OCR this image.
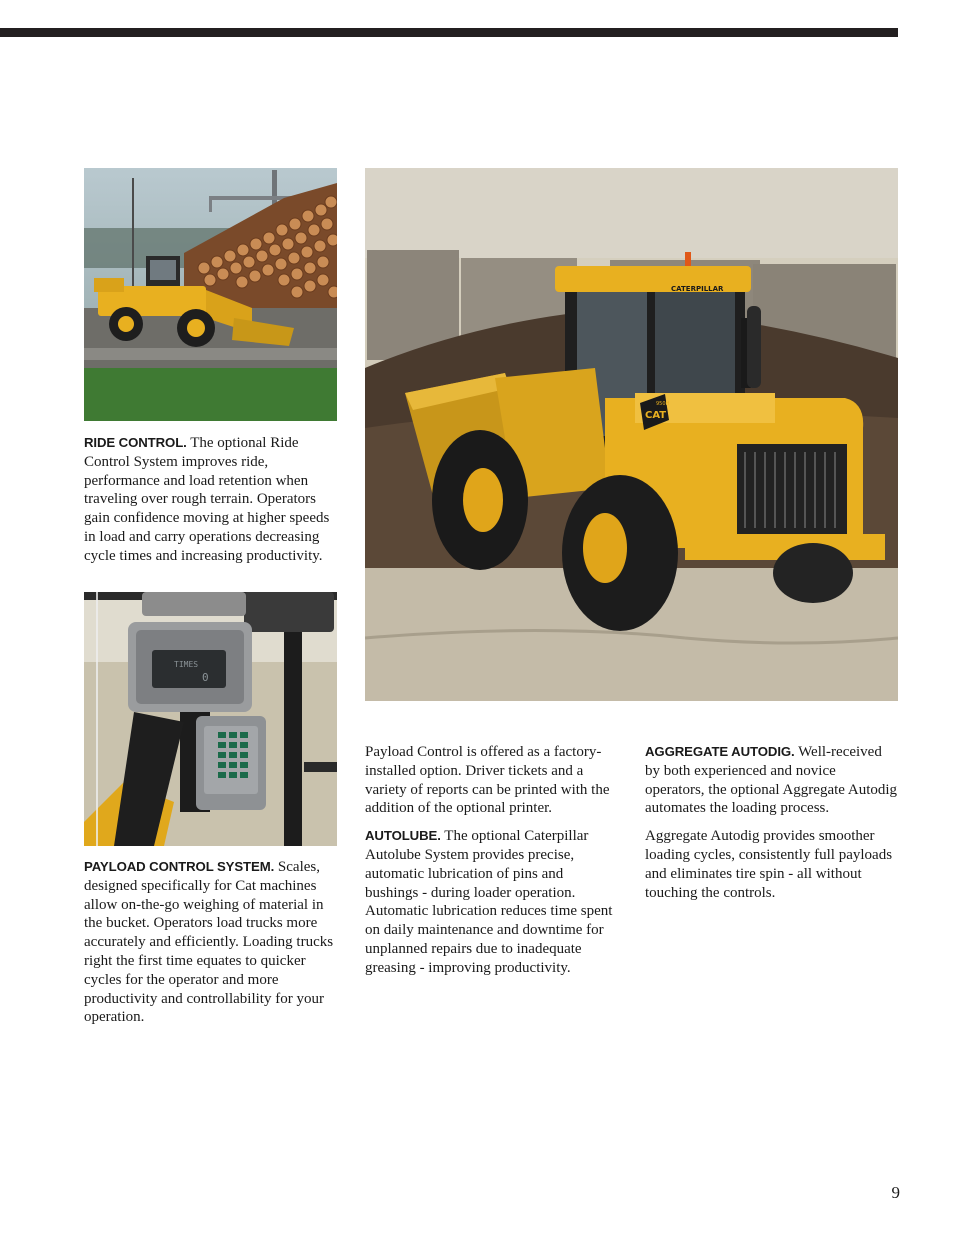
RIDE CONTROL. The optional Ride Control System improves ride, performance and load retention when traveling over rough terrain. Operators gain confidence moving at higher speeds in load and carry operations decreasing cycle times and increasing productivity.

TIMES
0

PAYLOAD CONTROL SYSTEM. Scales, designed specifically for Cat machines allow on-the-go weighing of material in the bucket. Operators load trucks more accurately and efficiently. Loading trucks right the first time equates to quicker cycles for the operator and more productivity and controllability for your operation.

CATERPILLAR
CAT
950H

Payload Control is offered as a factory-installed option. Driver tickets and a variety of reports can be printed with the addition of the optional printer.

AUTOLUBE. The optional Caterpillar Autolube System provides precise, automatic lubrication of pins and bushings - during loader operation. Automatic lubrication reduces time spent on daily maintenance and downtime for unplanned repairs due to inadequate greasing - improving productivity.

AGGREGATE AUTODIG. Well-received by both experienced and novice operators, the optional Aggregate Autodig automates the loading process.

Aggregate Autodig provides smoother loading cycles, consistently full payloads and eliminates tire spin - all without touching the controls.

9
